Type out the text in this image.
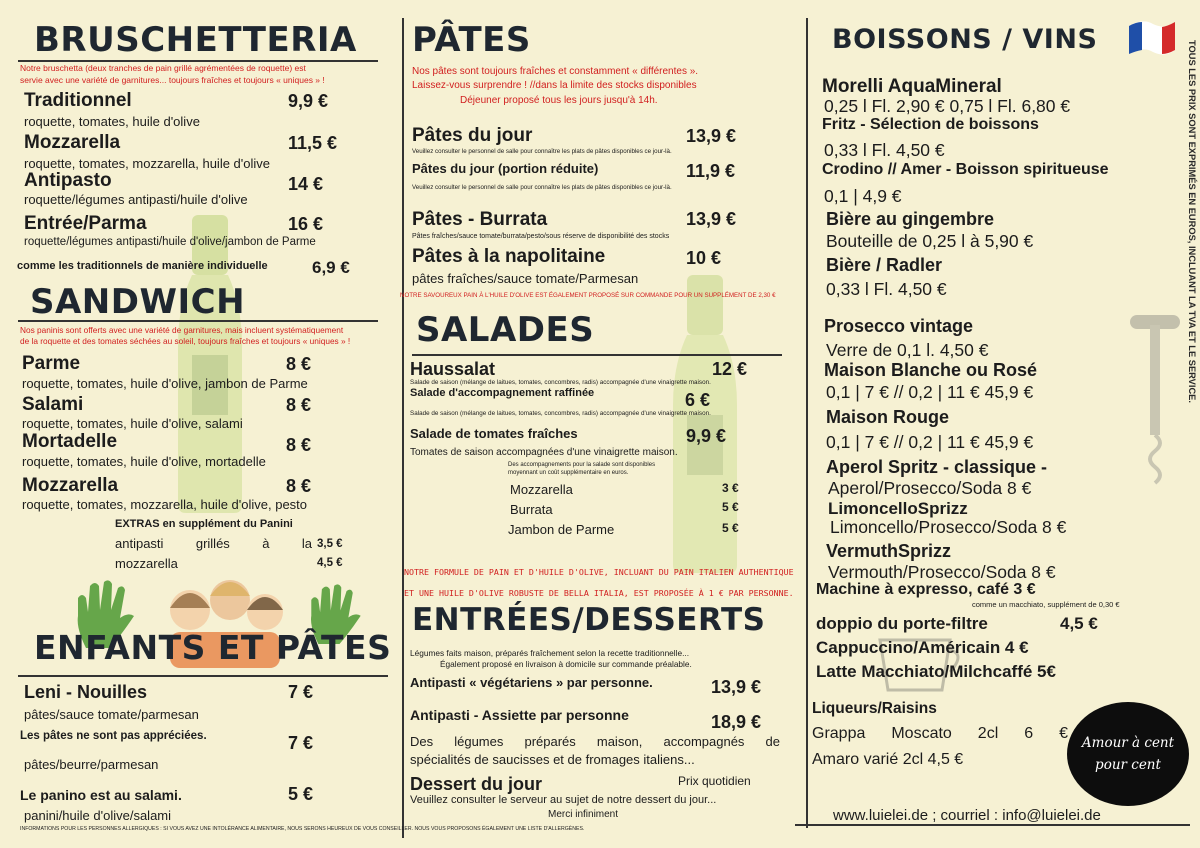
BRUSCHETTERIA
Notre bruschetta (deux tranches de pain grillé agrémentées de roquette) est
servie avec une variété de garnitures... toujours fraîches et toujours « uniques » !
Traditionnel	9,9 €
roquette, tomates, huile d'olive
Mozzarella	11,5 €
roquette, tomates, mozzarella, huile d'olive
Antipasto	14 €
roquette/légumes antipasti/huile d'olive
Entrée/Parma	16 €
roquette/légumes antipasti/huile d'olive/jambon de Parme
comme les traditionnels de manière individuelle	6,9 €
SANDWICH
Nos paninis sont offerts avec une variété de garnitures, mais incluent systématiquement
de la roquette et des tomates séchées au soleil, toujours fraîches et toujours « uniques » !
Parme	8 €
roquette, tomates, huile d'olive, jambon de Parme
Salami	8 €
roquette, tomates, huile d'olive, salami
Mortadelle	8 €
roquette, tomates, huile d'olive, mortadelle
Mozzarella	8 €
roquette, tomates, mozzarella, huile d'olive, pesto
EXTRAS en supplément du Panini
antipasti grillés à la 3,5 €
mozzarella	4,5 €
ENFANTS ET PÂTES
Leni - Nouilles	7 €
pâtes/sauce tomate/parmesan
Les pâtes ne sont pas appréciées.	7 €
pâtes/beurre/parmesan
Le panino est au salami.	5 €
panini/huile d'olive/salami
INFORMATIONS POUR LES PERSONNES ALLERGIQUES : SI VOUS AVEZ UNE INTOLÉRANCE ALIMENTAIRE, NOUS SERONS HEUREUX DE VOUS CONSEILLER. NOUS VOUS PROPOSONS ÉGALEMENT UNE LISTE D'ALLERGÈNES.
PÂTES
Nos pâtes sont toujours fraîches et constamment « différentes ».
Laissez-vous surprendre ! //dans la limite des stocks disponibles
Déjeuner proposé tous les jours jusqu'à 14h.
Pâtes du jour	13,9 €
Veuillez consulter le personnel de salle pour connaître les plats de pâtes disponibles ce jour-là.
Pâtes du jour (portion réduite)	11,9 €
Veuillez consulter le personnel de salle pour connaître les plats de pâtes disponibles ce jour-là.
Pâtes - Burrata	13,9 €
Pâtes fraîches/sauce tomate/burrata/pesto/sous réserve de disponibilité des stocks
Pâtes à la napolitaine	10 €
pâtes fraîches/sauce tomate/Parmesan
NOTRE SAVOUREUX PAIN À L'HUILE D'OLIVE EST ÉGALEMENT PROPOSÉ SUR COMMANDE POUR UN SUPPLÉMENT DE 2,30 €
SALADES
Haussalat	12 €
Salade de saison (mélange de laitues, tomates, concombres, radis) accompagnée d'une vinaigrette maison.
Salade d'accompagnement raffinée	6 €
Salade de saison (mélange de laitues, tomates, concombres, radis) accompagnée d'une vinaigrette maison.
Salade de tomates fraîches	9,9 €
Tomates de saison accompagnées d'une vinaigrette maison.
Des accompagnements pour la salade sont disponibles
moyennant un coût supplémentaire en euros.
Mozzarella	3 €
Burrata	5 €
Jambon de Parme	5 €
NOTRE FORMULE DE PAIN ET D'HUILE D'OLIVE, INCLUANT DU PAIN ITALIEN AUTHENTIQUE
ET UNE HUILE D'OLIVE ROBUSTE DE BELLA ITALIA, EST PROPOSÉE À 1 € PAR PERSONNE.
ENTRÉES/DESSERTS
Légumes faits maison, préparés fraîchement selon la recette traditionnelle...
Également proposé en livraison à domicile sur commande préalable.
Antipasti « végétariens » par personne.	13,9 €
Antipasti - Assiette par personne	18,9 €
Des légumes préparés maison, accompagnés de
spécialités de saucisses et de fromages italiens...
Dessert du jour	Prix quotidien
Veuillez consulter le serveur au sujet de notre dessert du jour...
Merci infiniment
BOISSONS / VINS
TOUS LES PRIX SONT EXPRIMÉS EN EUROS, INCLUANT LA TVA ET LE SERVICE.
Morelli AquaMineral
0,25 l Fl. 2,90 € 0,75 l Fl. 6,80 €
Fritz - Sélection de boissons
0,33 l Fl. 4,50 €
Crodino // Amer - Boisson spiritueuse
0,1 | 4,9 €
Bière au gingembre
Bouteille de 0,25 l à 5,90 €
Bière / Radler
0,33 l Fl. 4,50 €
Prosecco vintage
Verre de 0,1 l. 4,50 €
Maison Blanche ou Rosé
0,1 | 7 € // 0,2 | 11 € 45,9 €
Maison Rouge
0,1 | 7 € // 0,2 | 11 € 45,9 €
Aperol Spritz - classique -
Aperol/Prosecco/Soda 8 €
LimoncelloSprizz
Limoncello/Prosecco/Soda 8 €
VermuthSprizz
Vermouth/Prosecco/Soda 8 €
Machine à expresso, café 3 €
comme un macchiato, supplément de 0,30 €
doppio du porte-filtre	4,5 €
Cappuccino/Américain 4 €
Latte Macchiato/Milchcaffé 5€
Liqueurs/Raisins
Grappa Moscato 2cl 6 €
Amaro varié 2cl 4,5 €
Amour à cent
pour cent
www.luielei.de ; courriel : info@luielei.de
